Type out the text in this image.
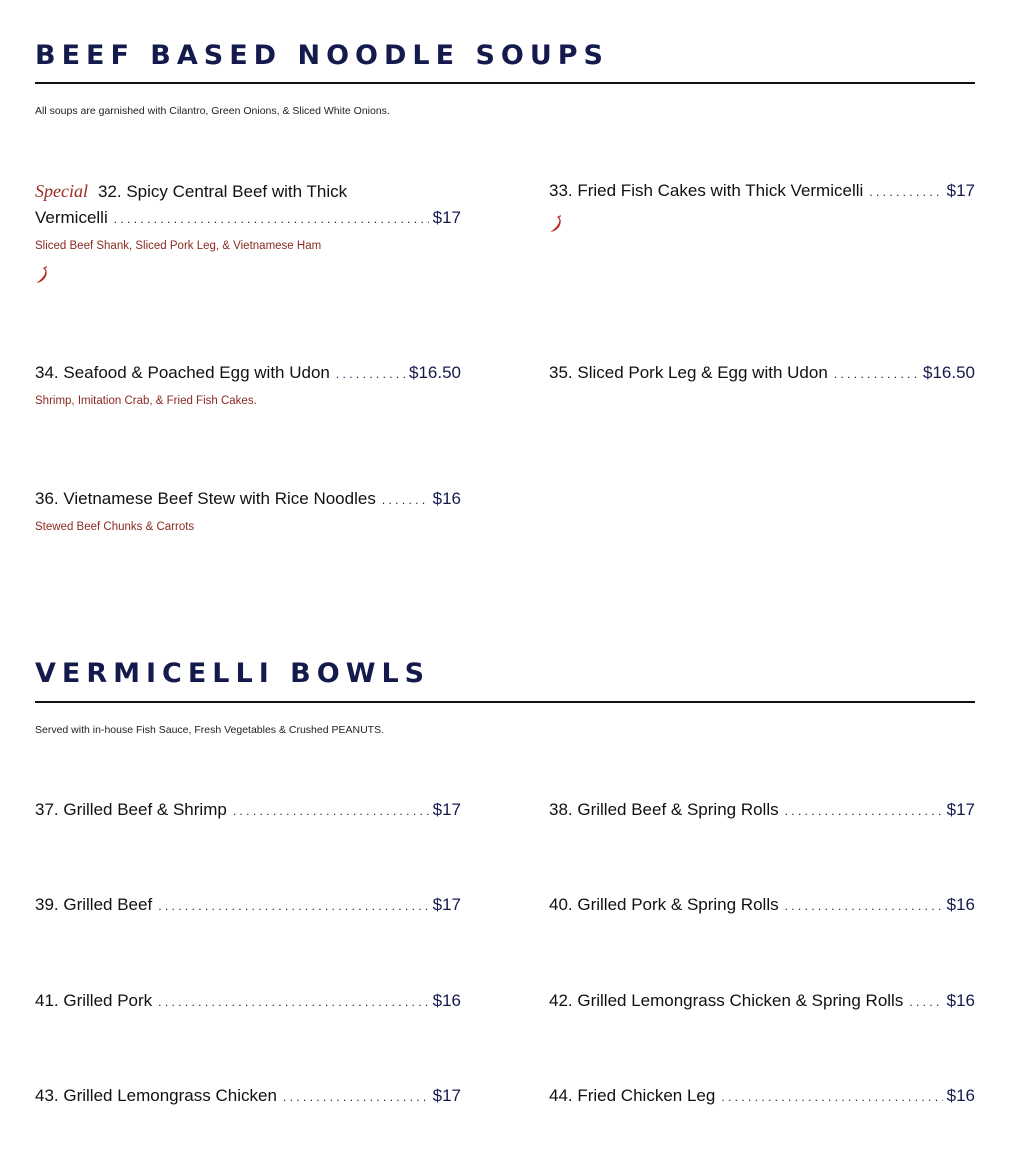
BEEF BASED NOODLE SOUPS
All soups are garnished with Cilantro, Green Onions, & Sliced White Onions.
Special 32. Spicy Central Beef with Thick
Vermicelli . . .	$17
Sliced Beef Shank, Sliced Pork Leg, & Vietnamese Ham
33. Fried Fish Cakes with Thick Vermicelli . . .	$17
34. Seafood & Poached Egg with Udon . . .	$16.50
Shrimp, Imitation Crab, & Fried Fish Cakes.
35. Sliced Pork Leg & Egg with Udon . . .	$16.50
36. Vietnamese Beef Stew with Rice Noodles . . .	$16
Stewed Beef Chunks & Carrots
VERMICELLI BOWLS
Served with in-house Fish Sauce, Fresh Vegetables & Crushed PEANUTS.
37. Grilled Beef & Shrimp . . .	$17	38. Grilled Beef & Spring Rolls . . .	$17
39. Grilled Beef . . .	$17	40. Grilled Pork & Spring Rolls . . .	$16
41. Grilled Pork . . .	$16	42. Grilled Lemongrass Chicken & Spring Rolls . . .	$16
43. Grilled Lemongrass Chicken . . .	$17	44. Fried Chicken Leg . . .	$16
